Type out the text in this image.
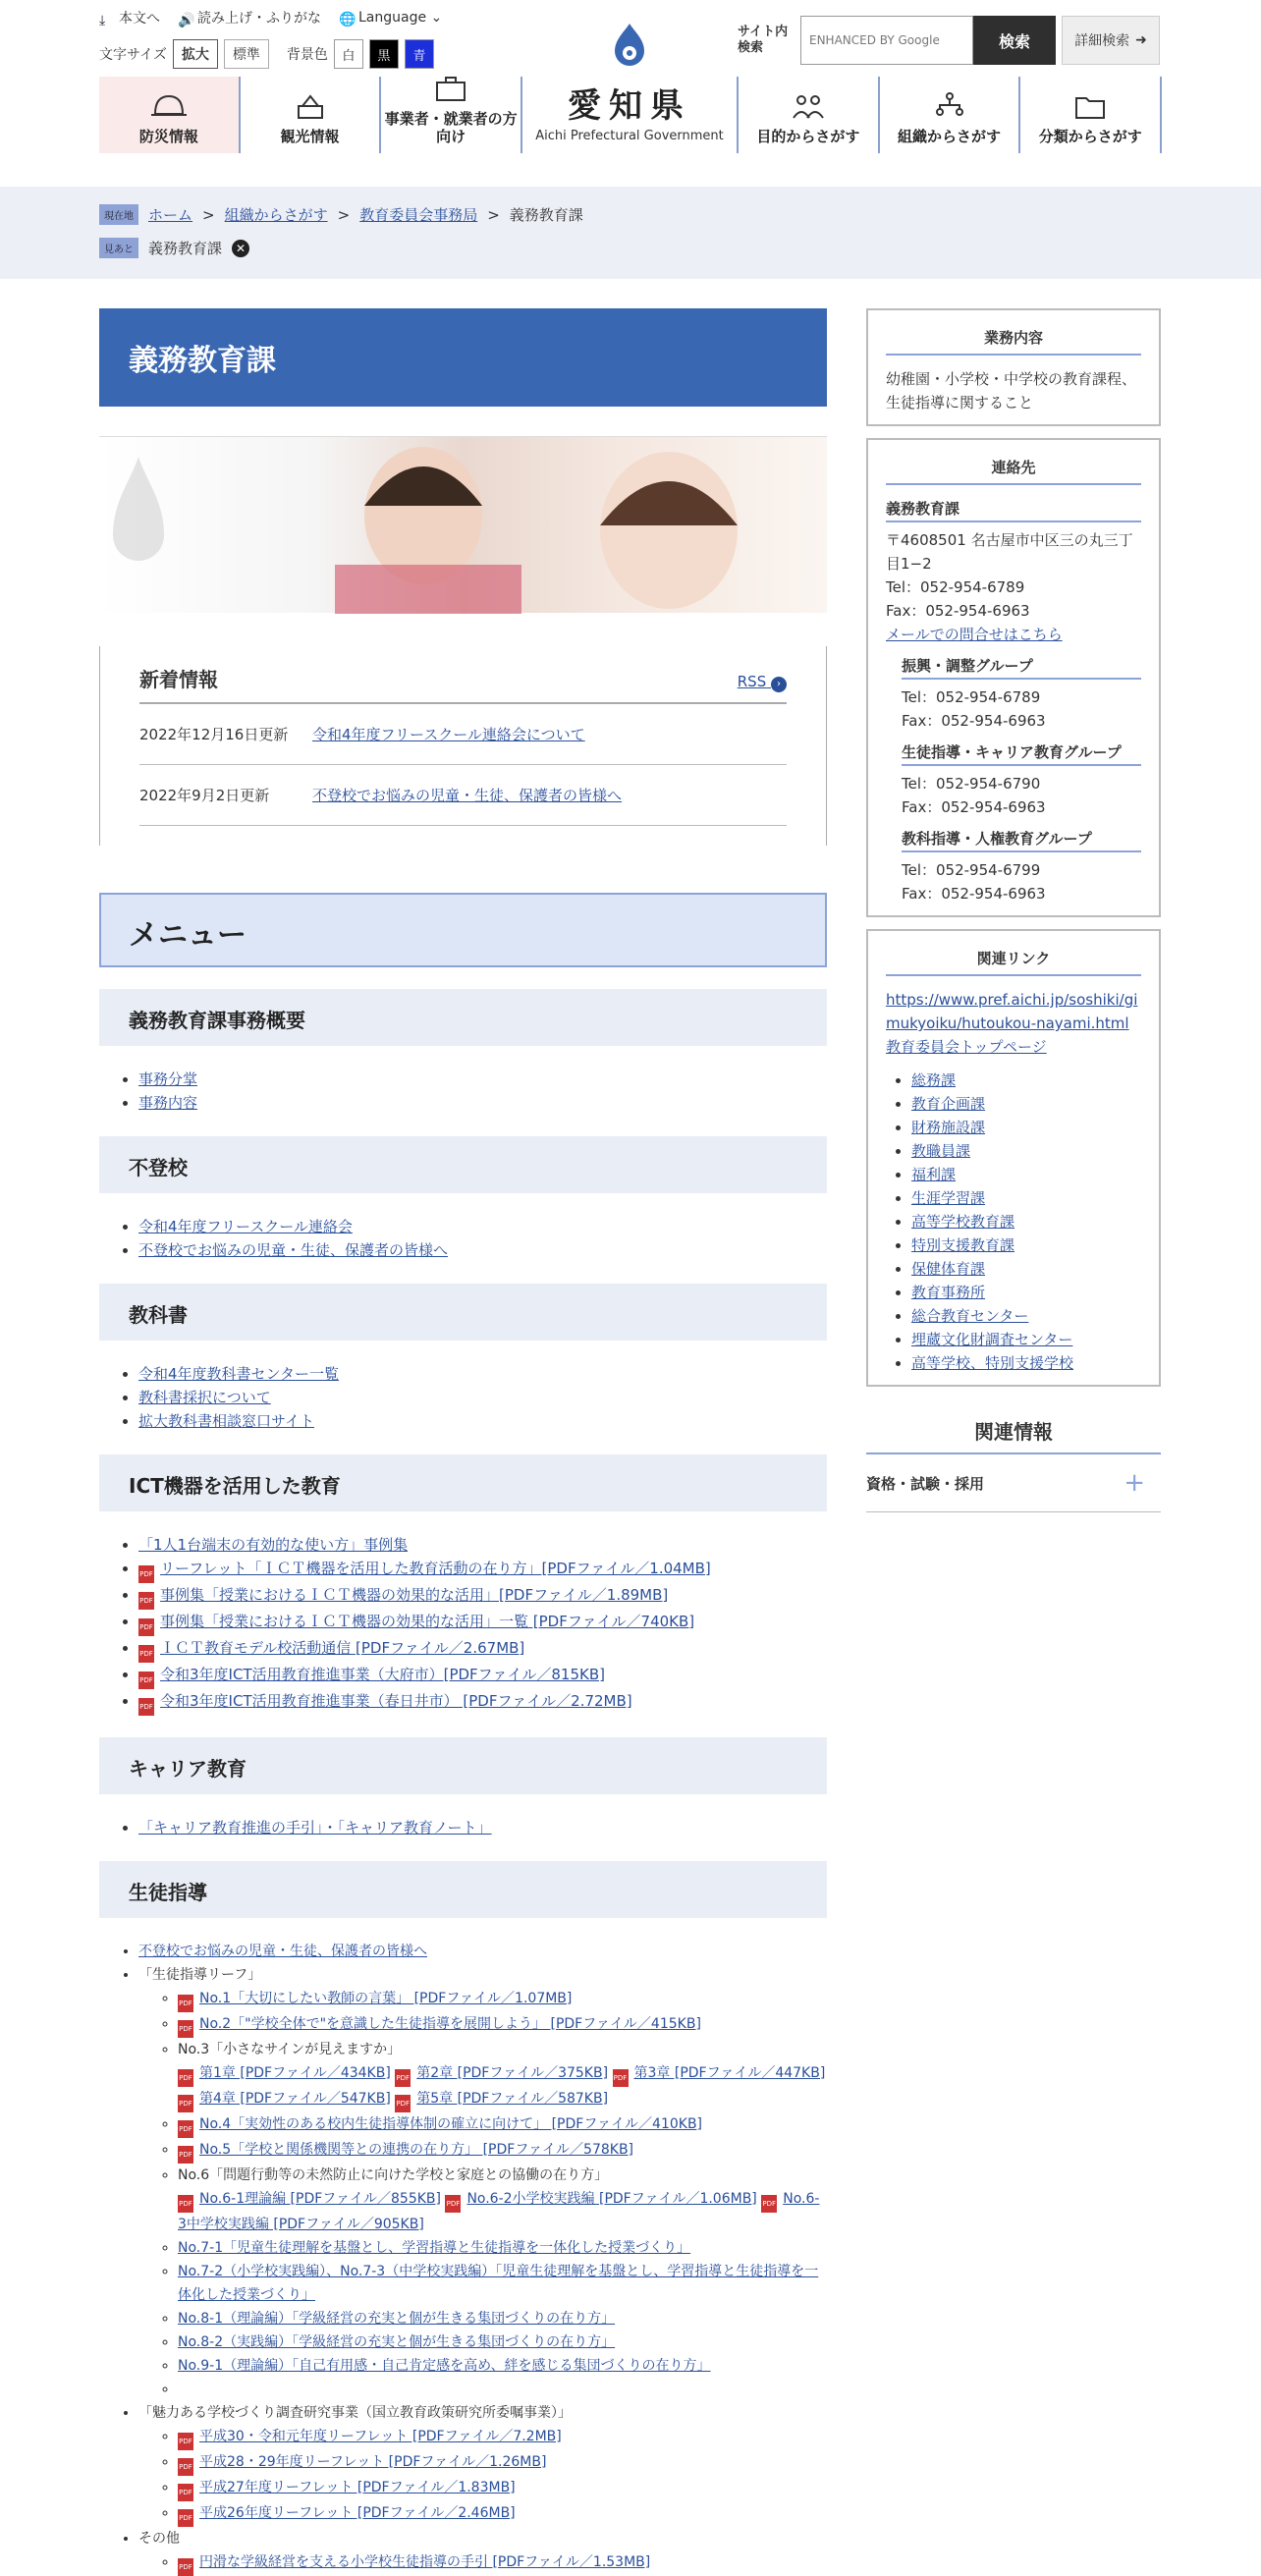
⤓ 本文へ 🔊 読み上げ・ふりがな 🌐 Language ⌄
文字サイズ	拡大	標準	背景色	白	黒	青
愛知県
Aichi Prefectural Government
サイト内検索	ENHANCED BY Google	検索	詳細検索 ➜
防災情報	観光情報
事業者・就業者の方向け	目的からさがす	組織からさがす	分類からさがす
現在地	ホーム > 組織からさがす > 教育委員会事務局 > 義務教育課
見あと	義務教育課	✕
義務教育課
新着情報	RSS ›
2022年12月16日更新	令和4年度フリースクール連絡会について
2022年9月2日更新	不登校でお悩みの児童・生徒、保護者の皆様へ
メニュー
義務教育課事務概要
• 事務分掌
• 事務内容
不登校
• 令和4年度フリースクール連絡会
• 不登校でお悩みの児童・生徒、保護者の皆様へ
教科書
• 令和4年度教科書センター一覧
• 教科書採択について
• 拡大教科書相談窓口サイト
ICT機器を活用した教育
• 「1人1台端末の有効的な使い方」事例集
• PDF リーフレット「ＩＣＴ機器を活用した教育活動の在り方」[PDFファイル／1.04MB]
• PDF 事例集「授業におけるＩＣＴ機器の効果的な活用」[PDFファイル／1.89MB]
• PDF 事例集「授業におけるＩＣＴ機器の効果的な活用」一覧 [PDFファイル／740KB]
• PDF ＩＣＴ教育モデル校活動通信 [PDFファイル／2.67MB]
• PDF 令和3年度ICT活用教育推進事業（大府市）[PDFファイル／815KB]
• PDF 令和3年度ICT活用教育推進事業（春日井市） [PDFファイル／2.72MB]
キャリア教育
• 「キャリア教育推進の手引」・「キャリア教育ノート」
生徒指導
• 不登校でお悩みの児童・生徒、保護者の皆様へ
• 「生徒指導リーフ」
◦ PDF No.1「大切にしたい教師の言葉」 [PDFファイル／1.07MB]
◦ PDF No.2「"学校全体で"を意識した生徒指導を展開しよう」 [PDFファイル／415KB]
◦ No.3「小さなサインが見えますか」
PDF 第1章 [PDFファイル／434KB] PDF 第2章 [PDFファイル／375KB] PDF 第3章 [PDFファイル／447KB] PDF 第4章 [PDFファイル／547KB] PDF 第5章 [PDFファイル／587KB]
◦ PDF No.4「実効性のある校内生徒指導体制の確立に向けて」 [PDFファイル／410KB]
◦ PDF No.5「学校と関係機関等との連携の在り方」 [PDFファイル／578KB]
◦ No.6「問題行動等の未然防止に向けた学校と家庭との協働の在り方」
PDF No.6-1理論編 [PDFファイル／855KB] PDF No.6-2小学校実践編 [PDFファイル／1.06MB] PDF No.6-3中学校実践編 [PDFファイル／905KB]
◦ No.7-1「児童生徒理解を基盤とし、学習指導と生徒指導を一体化した授業づくり」
◦ No.7-2（小学校実践編）、No.7-3（中学校実践編）「児童生徒理解を基盤とし、学習指導と生徒指導を一体化した授業づくり」
◦ No.8-1（理論編）「学級経営の充実と個が生きる集団づくりの在り方」
◦ No.8-2（実践編）「学級経営の充実と個が生きる集団づくりの在り方」
◦ No.9-1（理論編）「自己有用感・自己肯定感を高め、絆を感じる集団づくりの在り方」
◦
• 「魅力ある学校づくり調査研究事業（国立教育政策研究所委嘱事業）」
◦ PDF 平成30・令和元年度リーフレット [PDFファイル／7.2MB]
◦ PDF 平成28・29年度リーフレット [PDFファイル／1.26MB]
◦ PDF 平成27年度リーフレット [PDFファイル／1.83MB]
◦ PDF 平成26年度リーフレット [PDFファイル／2.46MB]
• その他
◦ PDF 円滑な学級経営を支える小学校生徒指導の手引 [PDFファイル／1.53MB]
業務内容
幼稚園・小学校・中学校の教育課程、生徒指導に関すること
連絡先
義務教育課
〒4608501 名古屋市中区三の丸三丁目1−2
Tel：052-954-6789
Fax：052-954-6963
メールでの問合せはこちら
振興・調整グループ
Tel：052-954-6789
Fax：052-954-6963
生徒指導・キャリア教育グループ
Tel：052-954-6790
Fax：052-954-6963
教科指導・人権教育グループ
Tel：052-954-6799
Fax：052-954-6963
関連リンク
https://www.pref.aichi.jp/soshiki/gimukyoiku/hutoukou-nayami.html教育委員会トップページ
• 総務課
• 教育企画課
• 財務施設課
• 教職員課
• 福利課
• 生涯学習課
• 高等学校教育課
• 特別支援教育課
• 保健体育課
• 教育事務所
• 総合教育センター
• 埋蔵文化財調査センター
• 高等学校、特別支援学校
関連情報
資格・試験・採用	+
